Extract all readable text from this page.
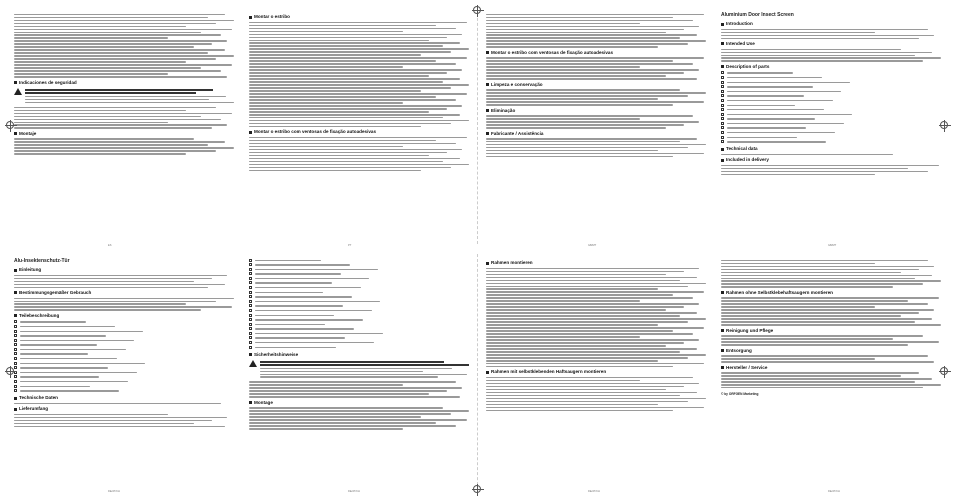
Indicaciones de seguridad
Montaje
Montar o estribo
Montar o estribo com ventosas de fixação autoadesivas
Montar o estribo com ventosas de fixação autoadesivas
Limpeza e conservação
Eliminação
Fabricante / Assistência
Aluminium Door Insect Screen
Introduction
Intended Use
Description of parts
Technical data
Included in delivery
ES	PT	GB/MT	GB/MT
Alu-Insektenschutz-Tür
Einleitung
Bestimmungsgemäßer Gebrauch
Teilebeschreibung
Technische Daten
Lieferumfang
Sicherheitshinweise
Montage
Rahmen montieren
Rahmen mit selbstklebenden Haftsaugern montieren
Rahmen ohne Selbstklebehaftsaugern montieren
Reinigung und Pflege
Entsorgung
Hersteller / Service
© by ORFGEN Marketing
DE/AT/CH	DE/AT/CH	DE/AT/CH	DE/AT/CH
